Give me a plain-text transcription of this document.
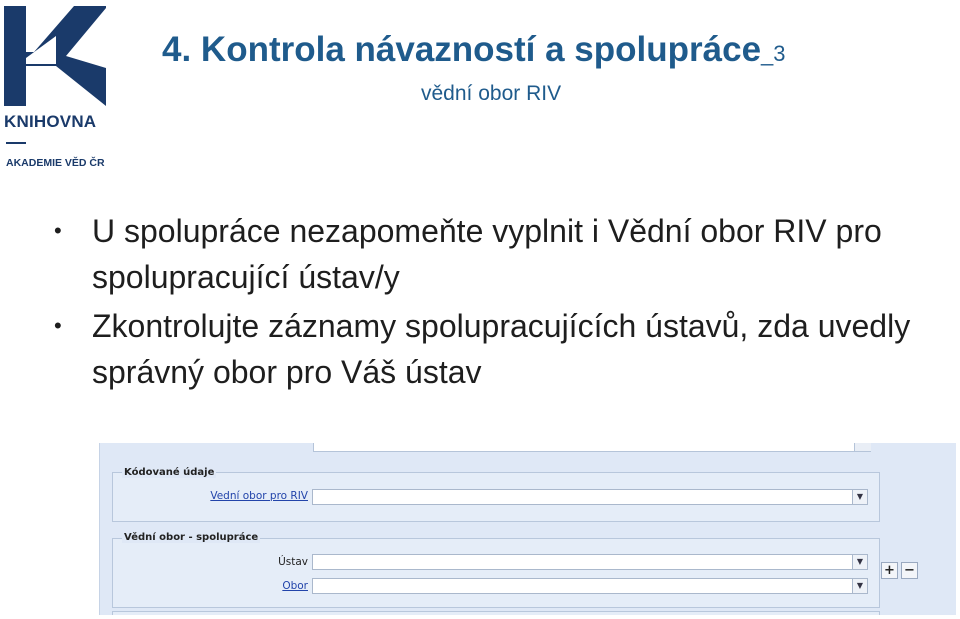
KNIHOVNA
AKADEMIE VĚD ČR
4. Kontrola návazností a spolupráce_3
vědní obor RIV
• U spolupráce nezapomeňte vyplnit i Vědní obor RIV pro spolupracující ústav/y
• Zkontrolujte záznamy spolupracujících ústavů, zda uvedly správný obor pro Váš ústav
Kódované údaje
Vední obor pro RIV	▼
Vědní obor - spolupráce
Ústav	▼
Obor	▼
+ −
